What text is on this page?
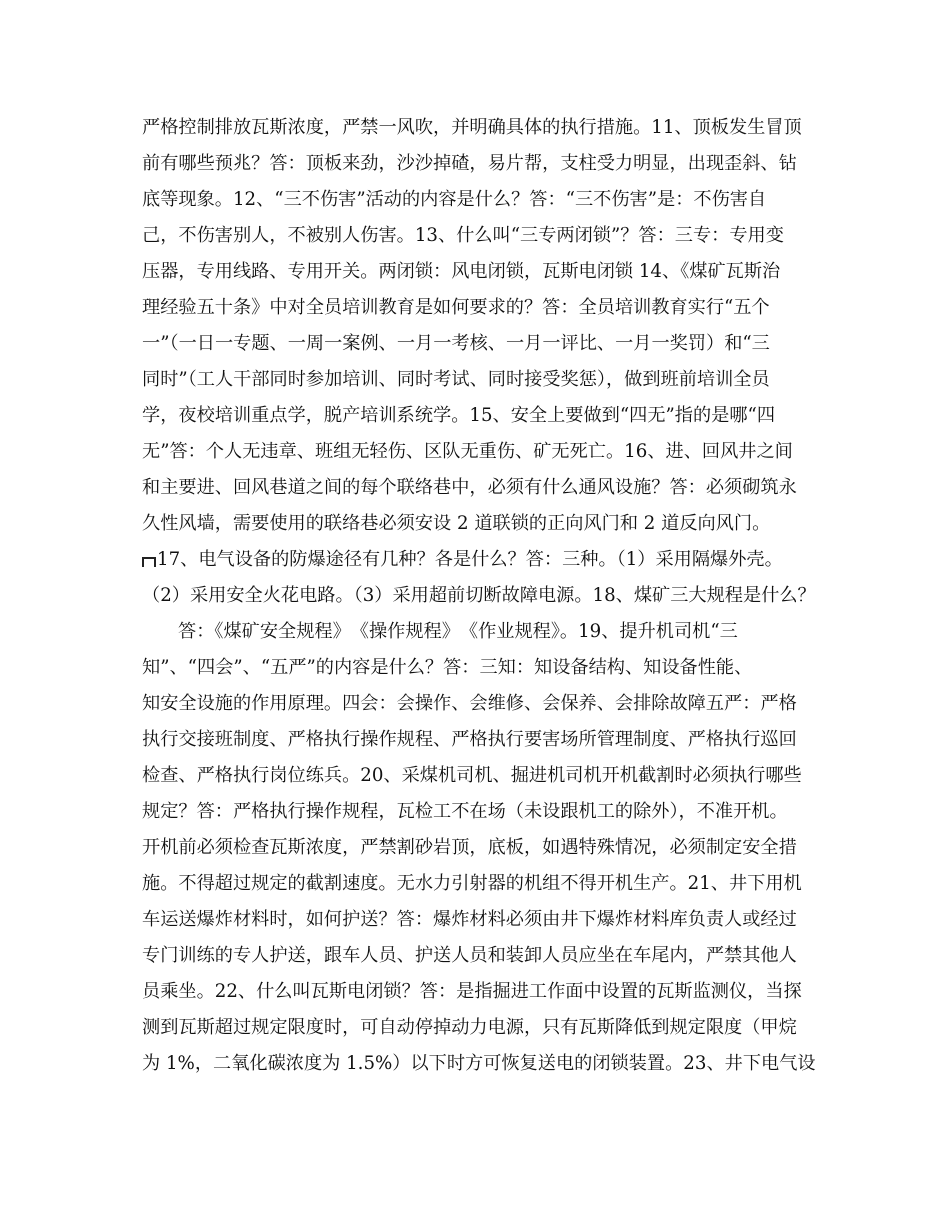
严格控制排放瓦斯浓度，严禁一风吹，并明确具体的执行措施。11、顶板发生冒顶
前有哪些预兆？答：顶板来劲，沙沙掉碴，易片帮，支柱受力明显，出现歪斜、钻
底等现象。12、“三不伤害”活动的内容是什么？答：“三不伤害”是：不伤害自
己，不伤害别人，不被别人伤害。13、什么叫“三专两闭锁”？答：三专：专用变
压器，专用线路、专用开关。两闭锁：风电闭锁，瓦斯电闭锁 14、《煤矿瓦斯治
理经验五十条》中对全员培训教育是如何要求的？答：全员培训教育实行“五个
一”（一日一专题、一周一案例、一月一考核、一月一评比、一月一奖罚）和“三
同时”（工人干部同时参加培训、同时考试、同时接受奖惩），做到班前培训全员
学，夜校培训重点学，脱产培训系统学。15、安全上要做到“四无”指的是哪“四
无”答：个人无违章、班组无轻伤、区队无重伤、矿无死亡。16、进、回风井之间
和主要进、回风巷道之间的每个联络巷中，必须有什么通风设施？答：必须砌筑永
久性风墙，需要使用的联络巷必须安设 2 道联锁的正向风门和 2 道反向风门。
17、电气设备的防爆途径有几种？各是什么？答：三种。（1）采用隔爆外壳。
（2）采用安全火花电路。（3）采用超前切断故障电源。18、煤矿三大规程是什么？
答：《煤矿安全规程》　《操作规程》　《作业规程》。19、提升机司机“三
知”、“四会”、“五严”的内容是什么？答：三知：知设备结构、知设备性能、
知安全设施的作用原理。四会：会操作、会维修、会保养、会排除故障五严：严格
执行交接班制度、严格执行操作规程、严格执行要害场所管理制度、严格执行巡回
检查、严格执行岗位练兵。20、采煤机司机、掘进机司机开机截割时必须执行哪些
规定？答：严格执行操作规程，瓦检工不在场（未设跟机工的除外），不准开机。
开机前必须检查瓦斯浓度，严禁割砂岩顶，底板，如遇特殊情况，必须制定安全措
施。不得超过规定的截割速度。无水力引射器的机组不得开机生产。21、井下用机
车运送爆炸材料时，如何护送？答：爆炸材料必须由井下爆炸材料库负责人或经过
专门训练的专人护送，跟车人员、护送人员和装卸人员应坐在车尾内，严禁其他人
员乘坐。22、什么叫瓦斯电闭锁？答：是指掘进工作面中设置的瓦斯监测仪，当探
测到瓦斯超过规定限度时，可自动停掉动力电源，只有瓦斯降低到规定限度（甲烷
为 1%，二氧化碳浓度为 1.5%）以下时方可恢复送电的闭锁装置。23、井下电气设
